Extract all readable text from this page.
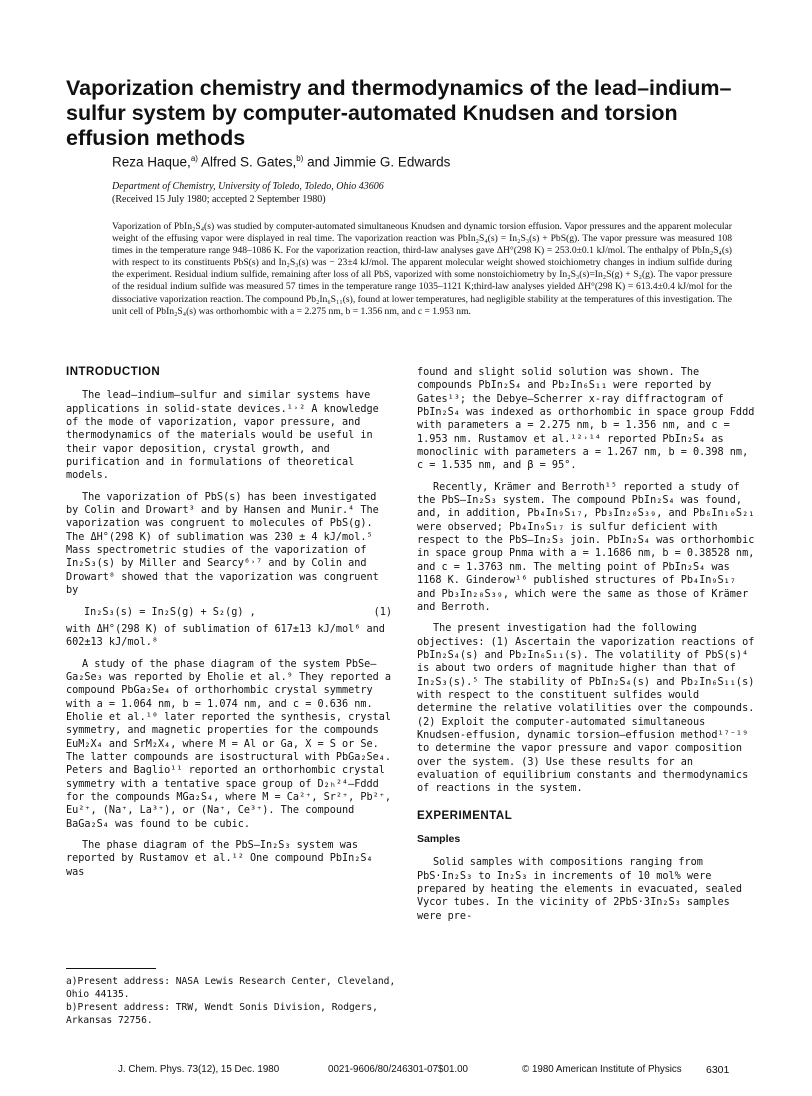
Vaporization chemistry and thermodynamics of the lead–indium–sulfur system by computer-automated Knudsen and torsion effusion methods

Reza Haque,$^{a)}$ Alfred S. Gates,$^{b)}$ and Jimmie G. Edwards

Department of Chemistry, University of Toledo, Toledo, Ohio 43606
(Received 15 July 1980; accepted 2 September 1980)

Vaporization of PbIn₂S₄(s) was studied by computer-automated simultaneous Knudsen and dynamic torsion effusion. Vapor pressures and the apparent molecular weight of the effusing vapor were displayed in real time. The vaporization reaction was PbIn₂S₄(s) = In₂S₃(s) + PbS(g). The vapor pressure was measured 108 times in the temperature range 948–1086 K. For the vaporization reaction, third-law analyses gave ΔH°(298 K) = 253.0±0.1 kJ/mol. The enthalpy of PbIn₂S₄(s) with respect to its constituents PbS(s) and In₂S₃(s) was − 23±4 kJ/mol. The apparent molecular weight showed stoichiometry changes in indium sulfide during the experiment. Residual indium sulfide, remaining after loss of all PbS, vaporized with some nonstoichiometry by In₂S₃(s)=In₂S(g) + S₂(g). The vapor pressure of the residual indium sulfide was measured 57 times in the temperature range 1035–1121 K;third-law analyses yielded ΔH°(298 K) = 613.4±0.4 kJ/mol for the dissociative vaporization reaction. The compound Pb₂In₆S₁₁(s), found at lower temperatures, had negligible stability at the temperatures of this investigation. The unit cell of PbIn₂S₄(s) was orthorhombic with a = 2.275 nm, b = 1.356 nm, and c = 1.953 nm.

INTRODUCTION

The lead–indium–sulfur and similar systems have applications in solid-state devices.¹˒² A knowledge of the mode of vaporization, vapor pressure, and thermodynamics of the materials would be useful in their vapor deposition, crystal growth, and purification and in formulations of theoretical models.

The vaporization of PbS(s) has been investigated by Colin and Drowart³ and by Hansen and Munir.⁴ The vaporization was congruent to molecules of PbS(g). The ΔH°(298 K) of sublimation was 230 ± 4 kJ/mol.⁵ Mass spectrometric studies of the vaporization of In₂S₃(s) by Miller and Searcy⁶˒⁷ and by Colin and Drowart⁸ showed that the vaporization was congruent by

In₂S₃(s) = In₂S(g) + S₂(g) ,	(1)

with ΔH°(298 K) of sublimation of 617±13 kJ/mol⁶ and 602±13 kJ/mol.⁸

A study of the phase diagram of the system PbSe–Ga₂Se₃ was reported by Eholie et al.⁹ They reported a compound PbGa₂Se₄ of orthorhombic crystal symmetry with a = 1.064 nm, b = 1.074 nm, and c = 0.636 nm. Eholie et al.¹⁰ later reported the synthesis, crystal symmetry, and magnetic properties for the compounds EuM₂X₄ and SrM₂X₄, where M = Al or Ga, X = S or Se. The latter compounds are isostructural with PbGa₂Se₄. Peters and Baglio¹¹ reported an orthorhombic crystal symmetry with a tentative space group of D₂ₕ²⁴–Fddd for the compounds MGa₂S₄, where M = Ca²⁺, Sr²⁺, Pb²⁺, Eu²⁺, (Na⁺, La³⁺), or (Na⁺, Ce³⁺). The compound BaGa₂S₄ was found to be cubic.

The phase diagram of the PbS–In₂S₃ system was reported by Rustamov et al.¹² One compound PbIn₂S₄ was

found and slight solid solution was shown. The compounds PbIn₂S₄ and Pb₂In₆S₁₁ were reported by Gates¹³; the Debye–Scherrer x-ray diffractogram of PbIn₂S₄ was indexed as orthorhombic in space group Fddd with parameters a = 2.275 nm, b = 1.356 nm, and c = 1.953 nm. Rustamov et al.¹²˒¹⁴ reported PbIn₂S₄ as monoclinic with parameters a = 1.267 nm, b = 0.398 nm, c = 1.535 nm, and β = 95°.

Recently, Krämer and Berroth¹⁵ reported a study of the PbS–In₂S₃ system. The compound PbIn₂S₄ was found, and, in addition, Pb₄In₉S₁₇, Pb₃In₂₀S₃₉, and Pb₆In₁₀S₂₁ were observed; Pb₄In₉S₁₇ is sulfur deficient with respect to the PbS–In₂S₃ join. PbIn₂S₄ was orthorhombic in space group Pnma with a = 1.1686 nm, b = 0.38528 nm, and c = 1.3763 nm. The melting point of PbIn₂S₄ was 1168 K. Ginderow¹⁶ published structures of Pb₄In₉S₁₇ and Pb₃In₂₀S₃₉, which were the same as those of Krämer and Berroth.

The present investigation had the following objectives: (1) Ascertain the vaporization reactions of PbIn₂S₄(s) and Pb₂In₆S₁₁(s). The volatility of PbS(s)⁴ is about two orders of magnitude higher than that of In₂S₃(s).⁵ The stability of PbIn₂S₄(s) and Pb₂In₆S₁₁(s) with respect to the constituent sulfides would determine the relative volatilities over the compounds. (2) Exploit the computer-automated simultaneous Knudsen-effusion, dynamic torsion–effusion method¹⁷⁻¹⁹ to determine the vapor pressure and vapor composition over the system. (3) Use these results for an evaluation of equilibrium constants and thermodynamics of reactions in the system.

EXPERIMENTAL
Samples

Solid samples with compositions ranging from PbS·In₂S₃ to In₂S₃ in increments of 10 mol% were prepared by heating the elements in evacuated, sealed Vycor tubes. In the vicinity of 2PbS·3In₂S₃ samples were pre-

a)Present address: NASA Lewis Research Center, Cleveland, Ohio 44135.
b)Present address: TRW, Wendt Sonis Division, Rodgers, Arkansas 72756.
J. Chem. Phys. 73(12), 15 Dec. 1980	0021-9606/80/246301-07$01.00	© 1980 American Institute of Physics 6301
